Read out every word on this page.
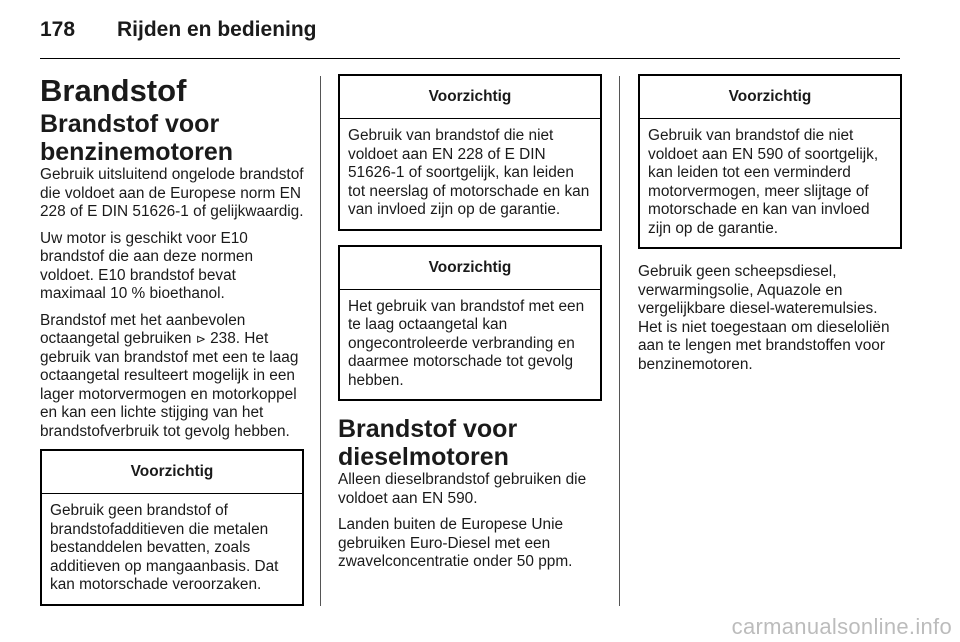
178 Rijden en bediening
Brandstof
Brandstof voor benzinemotoren

Gebruik uitsluitend ongelode brandstof die voldoet aan de Europese norm EN 228 of E DIN 51626-1 of gelijkwaardig.

Uw motor is geschikt voor E10 brandstof die aan deze normen voldoet. E10 brandstof bevat maximaal 10 % bioethanol.

Brandstof met het aanbevolen octaangetal gebruiken ⊳ 238. Het gebruik van brandstof met een te laag octaangetal resulteert mogelijk in een lager motorvermogen en motorkoppel en kan een lichte stijging van het brandstofverbruik tot gevolg hebben.

Voorzichtig
Gebruik geen brandstof of brandstofadditieven die metalen bestanddelen bevatten, zoals additieven op mangaanbasis. Dat kan motorschade veroorzaken.
Voorzichtig
Gebruik van brandstof die niet voldoet aan EN 228 of E DIN 51626-1 of soortgelijk, kan leiden tot neerslag of motorschade en kan van invloed zijn op de garantie.
Voorzichtig
Het gebruik van brandstof met een te laag octaangetal kan ongecontroleerde verbranding en daarmee motorschade tot gevolg hebben.
Brandstof voor dieselmotoren

Alleen dieselbrandstof gebruiken die voldoet aan EN 590.

Landen buiten de Europese Unie gebruiken Euro-Diesel met een zwavelconcentratie onder 50 ppm.

Voorzichtig
Gebruik van brandstof die niet voldoet aan EN 590 of soortgelijk, kan leiden tot een verminderd motorvermogen, meer slijtage of motorschade en kan van invloed zijn op de garantie.

Gebruik geen scheepsdiesel, verwarmingsolie, Aquazole en vergelijkbare diesel-wateremulsies. Het is niet toegestaan om dieseloliën aan te lengen met brandstoffen voor benzinemotoren.

carmanualsonline.info
